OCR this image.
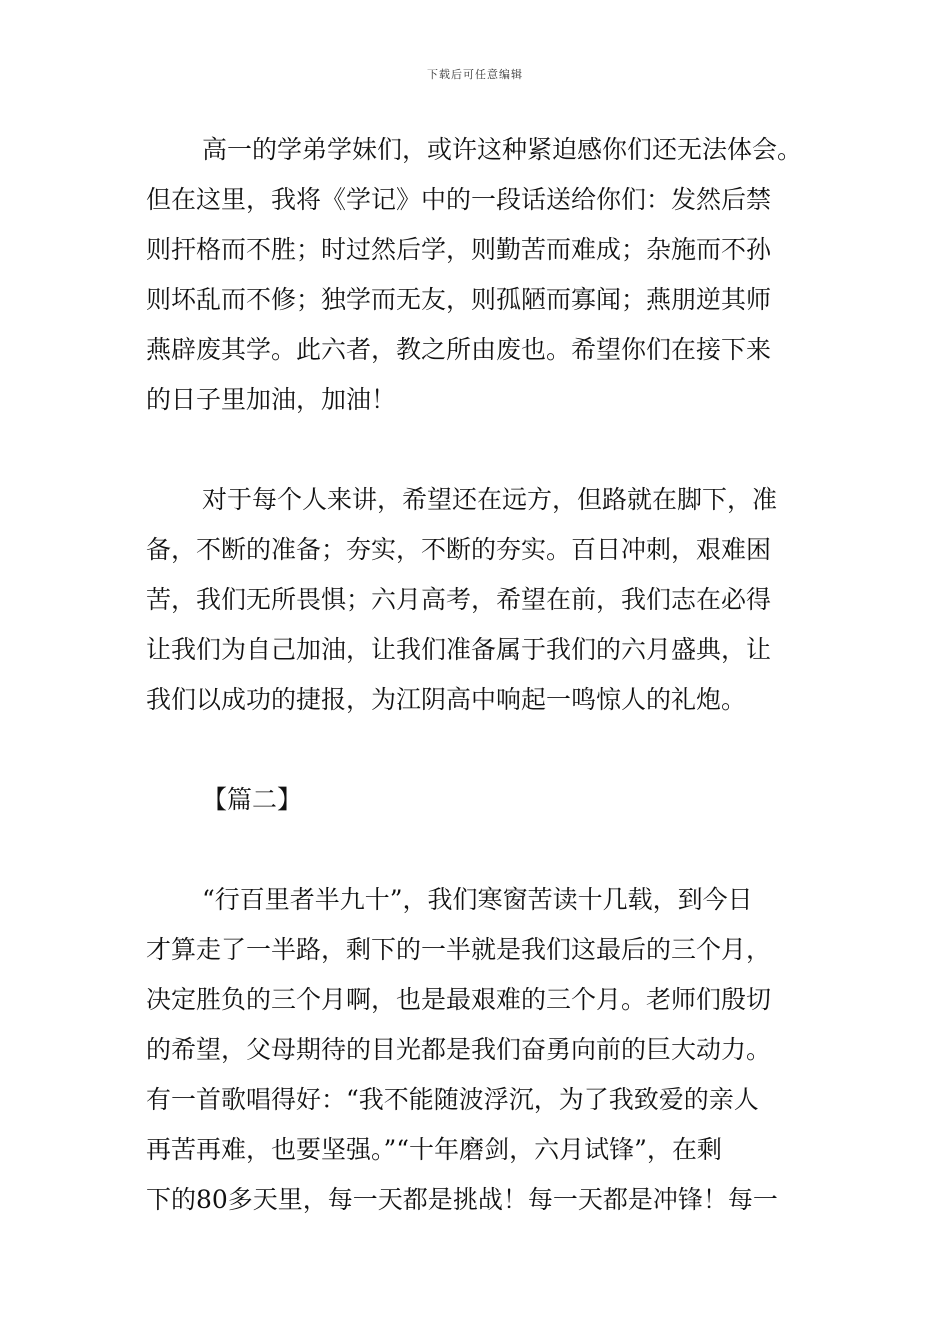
下载后可任意编辑

高一的学弟学妹们，或许这种紧迫感你们还无法体会。

但在这里，我将《学记》中的一段话送给你们：发然后禁

则扞格而不胜；时过然后学，则勤苦而难成；杂施而不孙

则坏乱而不修；独学而无友，则孤陋而寡闻；燕朋逆其师

燕辟废其学。此六者，教之所由废也。希望你们在接下来

的日子里加油，加油！

对于每个人来讲，希望还在远方，但路就在脚下，准

备，不断的准备；夯实，不断的夯实。百日冲刺，艰难困

苦，我们无所畏惧；六月高考，希望在前，我们志在必得

让我们为自己加油，让我们准备属于我们的六月盛典，让

我们以成功的捷报，为江阴高中响起一鸣惊人的礼炮。

【篇二】

“行百里者半九十”，我们寒窗苦读十几载，到今日

才算走了一半路，剩下的一半就是我们这最后的三个月，

决定胜负的三个月啊，也是最艰难的三个月。老师们殷切

的希望，父母期待的目光都是我们奋勇向前的巨大动力。

有一首歌唱得好：“我不能随波浮沉，为了我致爱的亲人

再苦再难，也要坚强。”“十年磨剑，六月试锋”，在剩

下的80多天里，每一天都是挑战！每一天都是冲锋！每一
